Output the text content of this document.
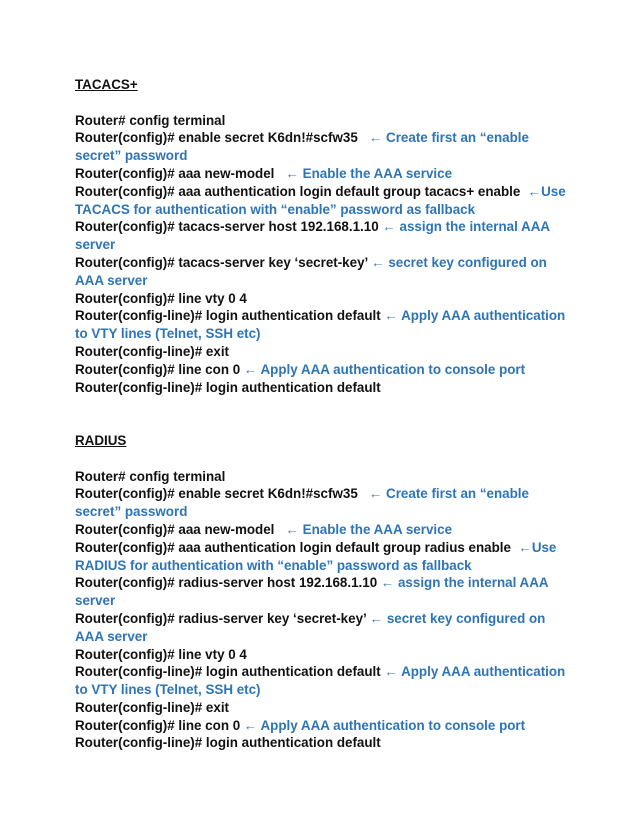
TACACS+

Router# config terminal

Router(config)# enable secret K6dn!#scfw35   ← Create first an “enable secret” password

Router(config)# aaa new-model   ← Enable the AAA service

Router(config)# aaa authentication login default group tacacs+ enable  ←Use TACACS for authentication with “enable” password as fallback

Router(config)# tacacs-server host 192.168.1.10 ← assign the internal AAA server

Router(config)# tacacs-server key ‘secret-key’ ← secret key configured on AAA server

Router(config)# line vty 0 4

Router(config-line)# login authentication default ← Apply AAA authentication to VTY lines (Telnet, SSH etc)

Router(config-line)# exit

Router(config)# line con 0 ← Apply AAA authentication to console port

Router(config-line)# login authentication default

RADIUS

Router# config terminal

Router(config)# enable secret K6dn!#scfw35   ← Create first an “enable secret” password

Router(config)# aaa new-model   ← Enable the AAA service

Router(config)# aaa authentication login default group radius enable  ←Use RADIUS for authentication with “enable” password as fallback

Router(config)# radius-server host 192.168.1.10 ← assign the internal AAA server

Router(config)# radius-server key ‘secret-key’ ← secret key configured on AAA server

Router(config)# line vty 0 4

Router(config-line)# login authentication default ← Apply AAA authentication to VTY lines (Telnet, SSH etc)

Router(config-line)# exit

Router(config)# line con 0 ← Apply AAA authentication to console port

Router(config-line)# login authentication default
